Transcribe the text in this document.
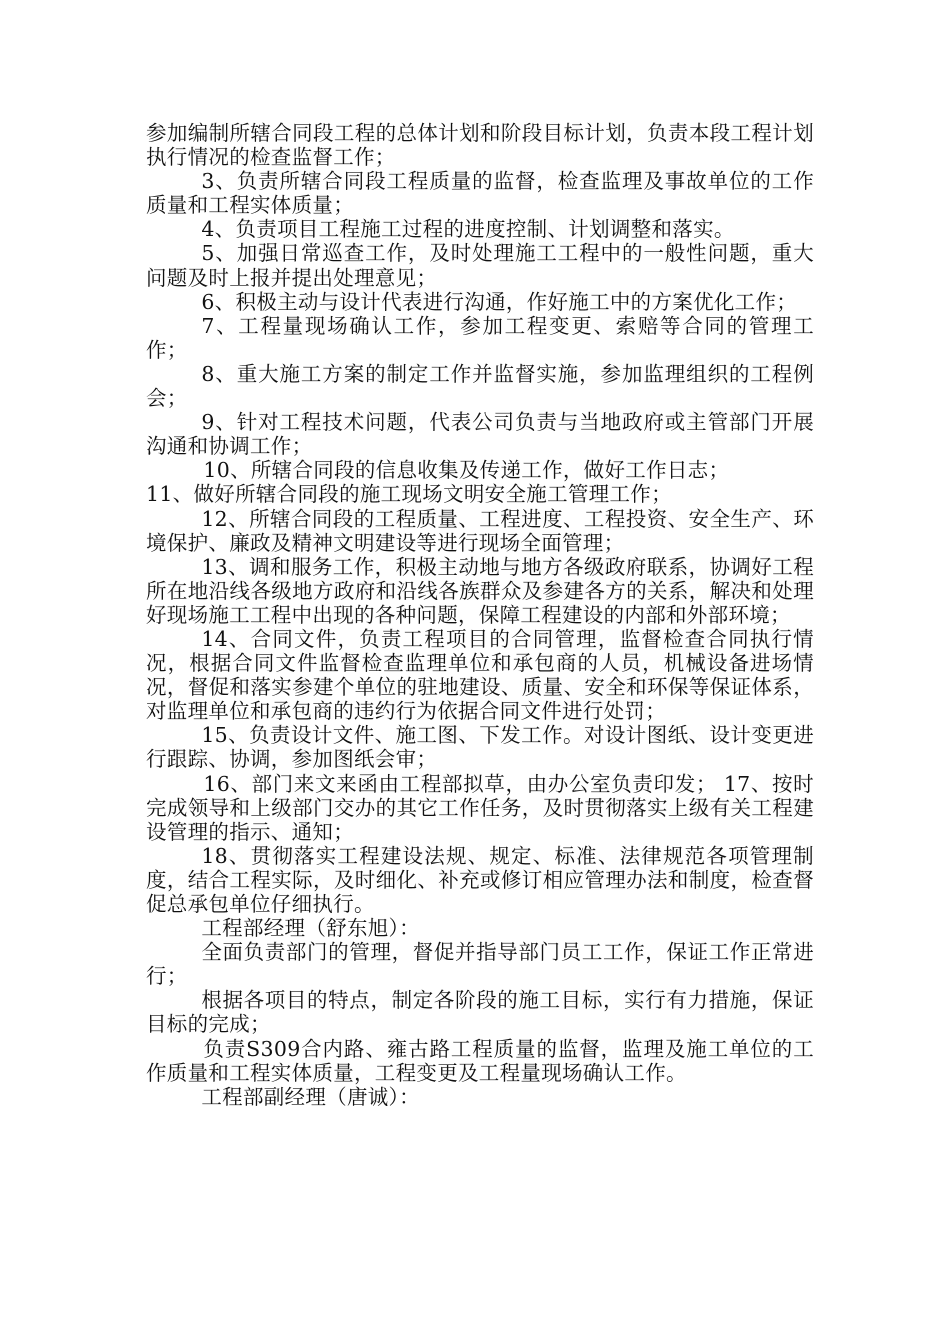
参加编制所辖合同段工程的总体计划和阶段目标计划，负责本段工程计划执行情况的检查监督工作；

3、负责所辖合同段工程质量的监督，检查监理及事故单位的工作质量和工程实体质量；

4、负责项目工程施工过程的进度控制、计划调整和落实。

5、加强日常巡查工作，及时处理施工工程中的一般性问题，重大问题及时上报并提出处理意见；

6、积极主动与设计代表进行沟通，作好施工中的方案优化工作；

7、工程量现场确认工作，参加工程变更、索赔等合同的管理工作；

8、重大施工方案的制定工作并监督实施，参加监理组织的工程例会；

9、针对工程技术问题，代表公司负责与当地政府或主管部门开展沟通和协调工作；

10、所辖合同段的信息收集及传递工作，做好工作日志；

11、做好所辖合同段的施工现场文明安全施工管理工作；

12、所辖合同段的工程质量、工程进度、工程投资、安全生产、环境保护、廉政及精神文明建设等进行现场全面管理；

13、调和服务工作，积极主动地与地方各级政府联系，协调好工程所在地沿线各级地方政府和沿线各族群众及参建各方的关系，解决和处理好现场施工工程中出现的各种问题，保障工程建设的内部和外部环境；

14、合同文件，负责工程项目的合同管理，监督检查合同执行情况，根据合同文件监督检查监理单位和承包商的人员，机械设备进场情况，督促和落实参建个单位的驻地建设、质量、安全和环保等保证体系，对监理单位和承包商的违约行为依据合同文件进行处罚；

15、负责设计文件、施工图、下发工作。对设计图纸、设计变更进行跟踪、协调，参加图纸会审；

16、部门来文来函由工程部拟草，由办公室负责印发； 17、按时完成领导和上级部门交办的其它工作任务，及时贯彻落实上级有关工程建设管理的指示、通知；

18、贯彻落实工程建设法规、规定、标准、法律规范各项管理制度，结合工程实际，及时细化、补充或修订相应管理办法和制度，检查督促总承包单位仔细执行。

工程部经理（舒东旭）：

全面负责部门的管理，督促并指导部门员工工作，保证工作正常进行；

根据各项目的特点，制定各阶段的施工目标，实行有力措施，保证目标的完成；

负责S309合内路、雍古路工程质量的监督，监理及施工单位的工作质量和工程实体质量，工程变更及工程量现场确认工作。

工程部副经理（唐诚）：
